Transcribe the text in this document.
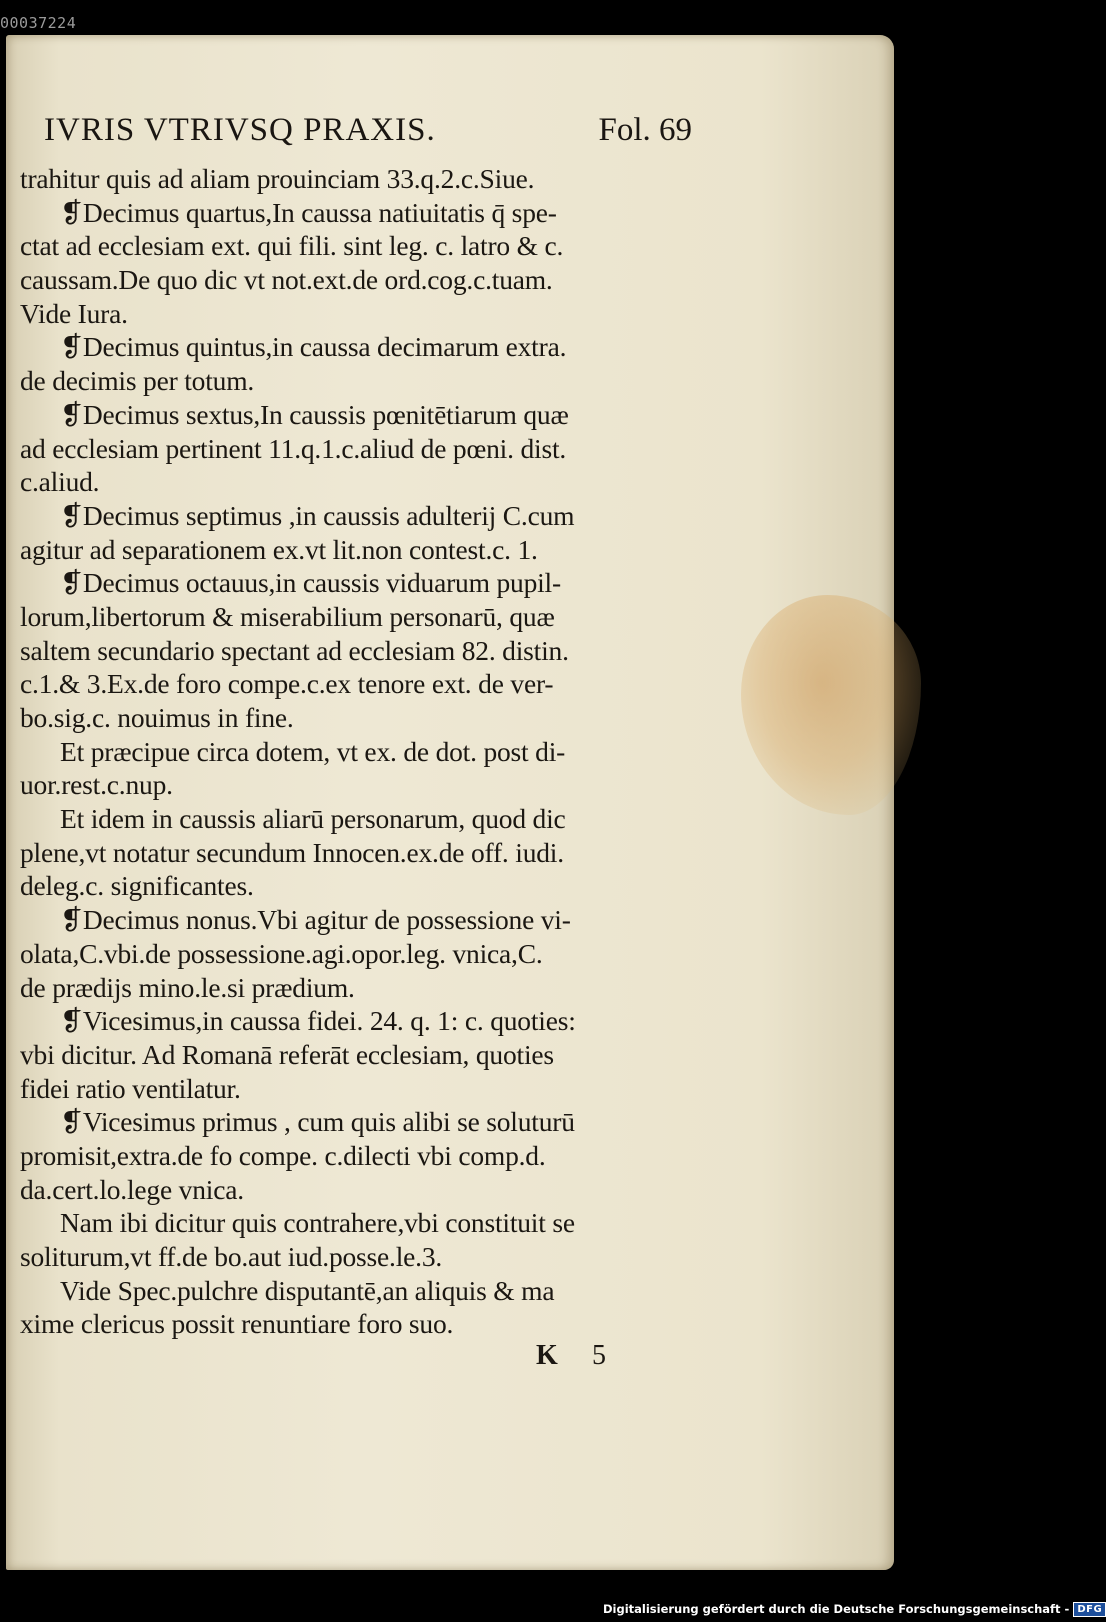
00037224
IVRIS VTRIVSQ PRAXIS.	Fol. 69
trahitur quis ad aliam prouinciam 33.q.2.c.Siue.
❡Decimus quartus,In caussa natiuitatis q̄ spe-
ctat ad ecclesiam ext. qui fili. sint leg. c. latro & c.
caussam.De quo dic vt not.ext.de ord.cog.c.tuam.
Vide Iura.
❡Decimus quintus,in caussa decimarum extra.
de decimis per totum.
❡Decimus sextus,In caussis pœnitētiarum quæ
ad ecclesiam pertinent 11.q.1.c.aliud de pœni. dist.
c.aliud.
❡Decimus septimus ,in caussis adulterij C.cum
agitur ad separationem ex.vt lit.non contest.c. 1.
❡Decimus octauus,in caussis viduarum pupil-
lorum,libertorum & miserabilium personarū, quæ
saltem secundario spectant ad ecclesiam 82. distin.
c.1.& 3.Ex.de foro compe.c.ex tenore ext. de ver-
bo.sig.c. nouimus in fine.
Et præcipue circa dotem, vt ex. de dot. post di-
uor.rest.c.nup.
Et idem in caussis aliarū personarum, quod dic
plene,vt notatur secundum Innocen.ex.de off. iudi.
deleg.c. significantes.
❡Decimus nonus.Vbi agitur de possessione vi-
olata,C.vbi.de possessione.agi.opor.leg. vnica,C.
de prædijs mino.le.si prædium.
❡Vicesimus,in caussa fidei. 24. q. 1: c. quoties:
vbi dicitur. Ad Romanā referāt ecclesiam, quoties
fidei ratio ventilatur.
❡Vicesimus primus , cum quis alibi se soluturū
promisit,extra.de fo compe. c.dilecti vbi comp.d.
da.cert.lo.lege vnica.
Nam ibi dicitur quis contrahere,vbi constituit se
soliturum,vt ff.de bo.aut iud.posse.le.3.
Vide Spec.pulchre disputantē,an aliquis & ma
xime clericus possit renuntiare foro suo.
K 5
Digitalisierung gefördert durch die Deutsche Forschungsgemeinschaft - DFG
